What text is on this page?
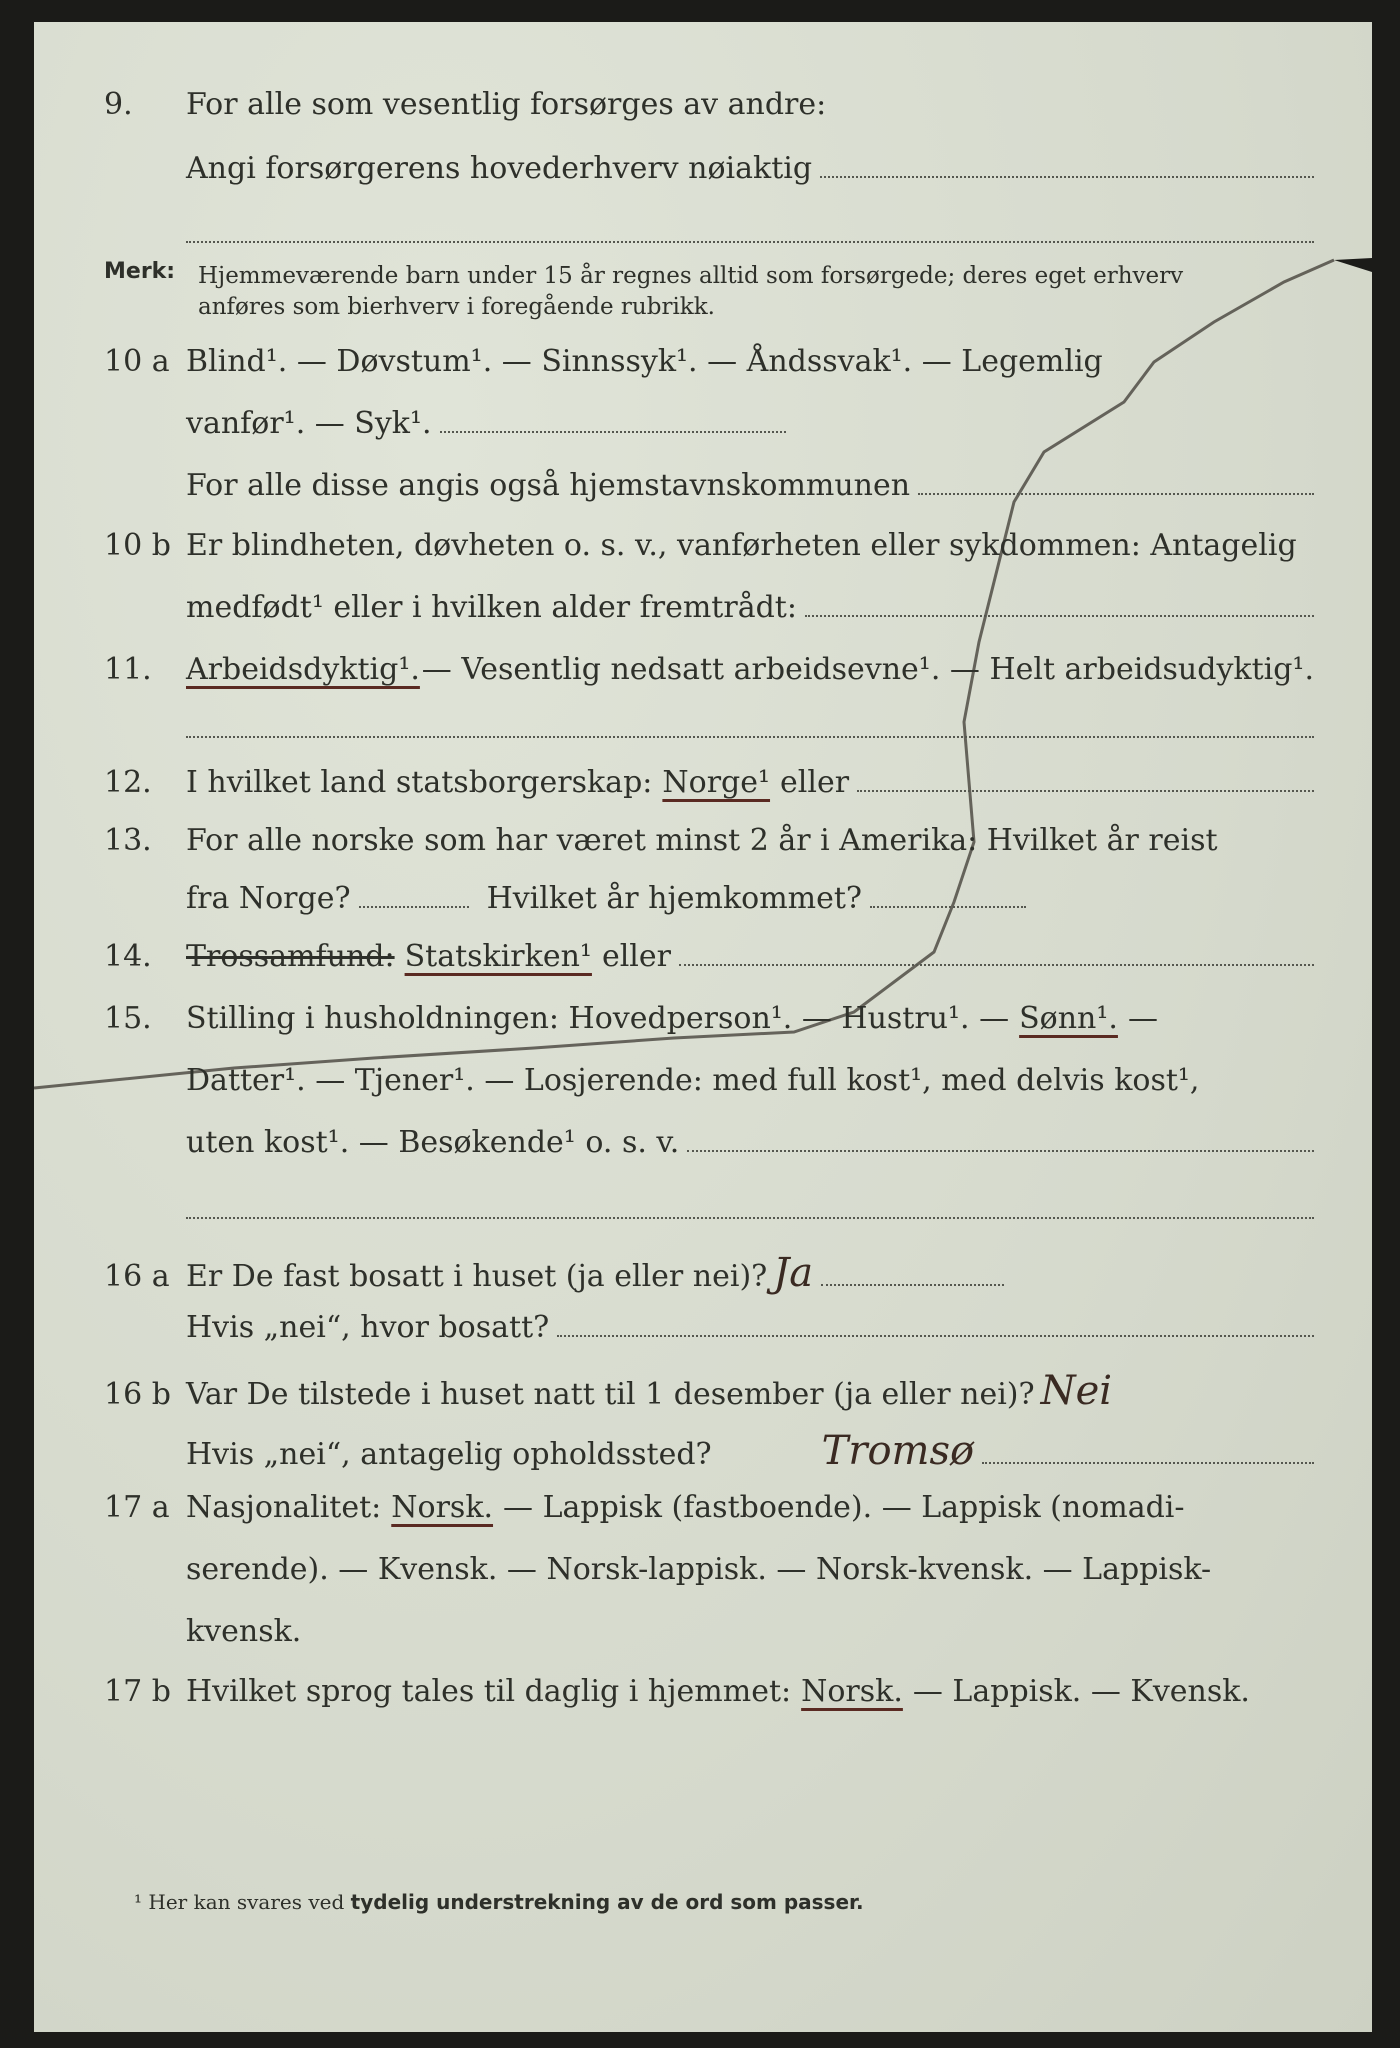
9.	For alle som vesentlig forsørges av andre:
Angi forsørgerens hovederhverv nøiaktig
Merk: Hjemmeværende barn under 15 år regnes alltid som forsørgede; deres eget erhverv
anføres som bierhverv i foregående rubrikk.
10 a Blind¹. — Døvstum¹. — Sinnssyk¹. — Åndssvak¹. — Legemlig
vanfør¹. — Syk¹.
For alle disse angis også hjemstavnskommunen
10 b Er blindheten, døvheten o. s. v., vanførheten eller sykdommen: Antagelig
medfødt¹ eller i hvilken alder fremtrådt:
11.	Arbeidsdyktig¹. — Vesentlig nedsatt arbeidsevne¹. — Helt arbeidsudyktig¹.
12.	I hvilket land statsborgerskap: Norge¹ eller
13.	For alle norske som har været minst 2 år i Amerika: Hvilket år reist
fra Norge?	Hvilket år hjemkommet?
14.	Trossamfund: Statskirken¹ eller
15.	Stilling i husholdningen: Hovedperson¹. — Hustru¹. — Sønn¹. —
Datter¹. — Tjener¹. — Losjerende: med full kost¹, med delvis kost¹,
uten kost¹. — Besøkende¹ o. s. v.
16 a Er De fast bosatt i huset (ja eller nei)? Ja
Hvis „nei“, hvor bosatt?
16 b Var De tilstede i huset natt til 1 desember (ja eller nei)? Nei
Hvis „nei“, antagelig opholdssted?	Tromsø
17 a Nasjonalitet: Norsk. — Lappisk (fastboende). — Lappisk (nomadi-
serende). — Kvensk. — Norsk-lappisk. — Norsk-kvensk. — Lappisk-
kvensk.
17 b Hvilket sprog tales til daglig i hjemmet: Norsk. — Lappisk. — Kvensk.
¹ Her kan svares ved tydelig understrekning av de ord som passer.
